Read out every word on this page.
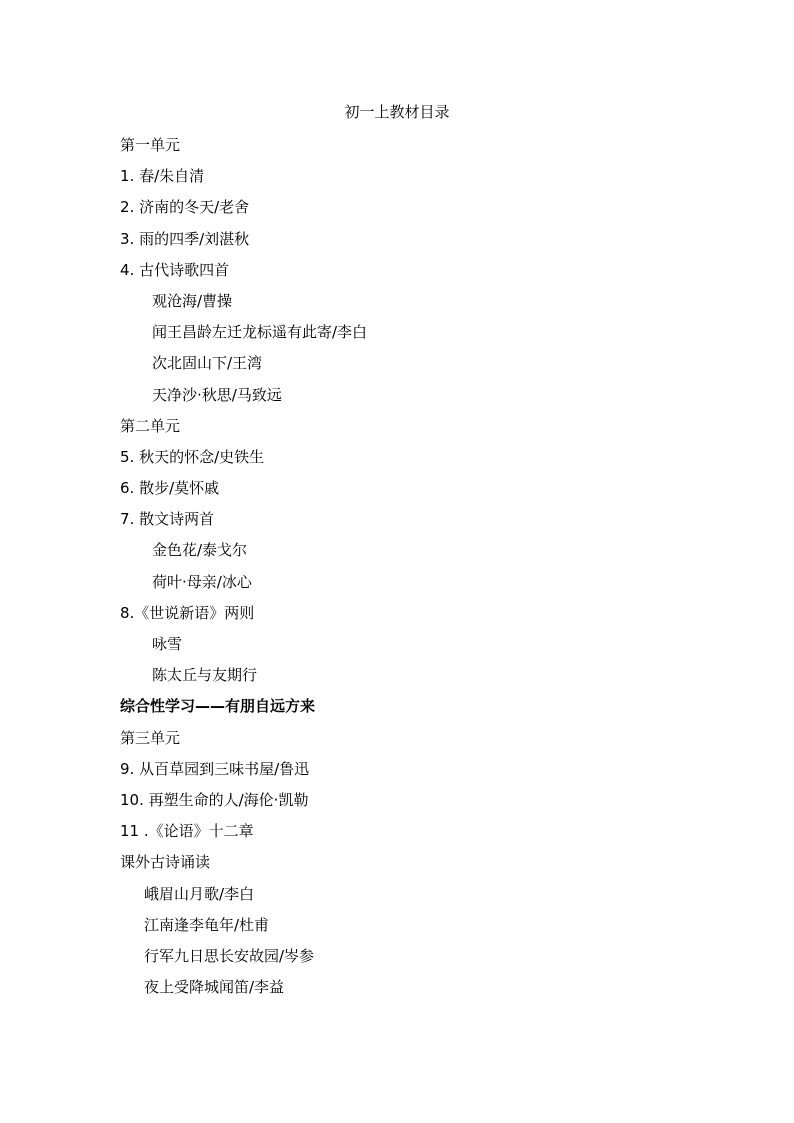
初一上教材目录
第一单元
1. 春/朱自清
2. 济南的冬天/老舍
3. 雨的四季/刘湛秋
4. 古代诗歌四首
观沧海/曹操
闻王昌龄左迁龙标遥有此寄/李白
次北固山下/王湾
天净沙·秋思/马致远
第二单元
5. 秋天的怀念/史铁生
6. 散步/莫怀戚
7. 散文诗两首
金色花/泰戈尔
荷叶·母亲/冰心
8.《世说新语》两则
咏雪
陈太丘与友期行
综合性学习——有朋自远方来
第三单元
9. 从百草园到三味书屋/鲁迅
10. 再塑生命的人/海伦·凯勒
11 .《论语》十二章
课外古诗诵读
峨眉山月歌/李白
江南逢李龟年/杜甫
行军九日思长安故园/岑参
夜上受降城闻笛/李益
